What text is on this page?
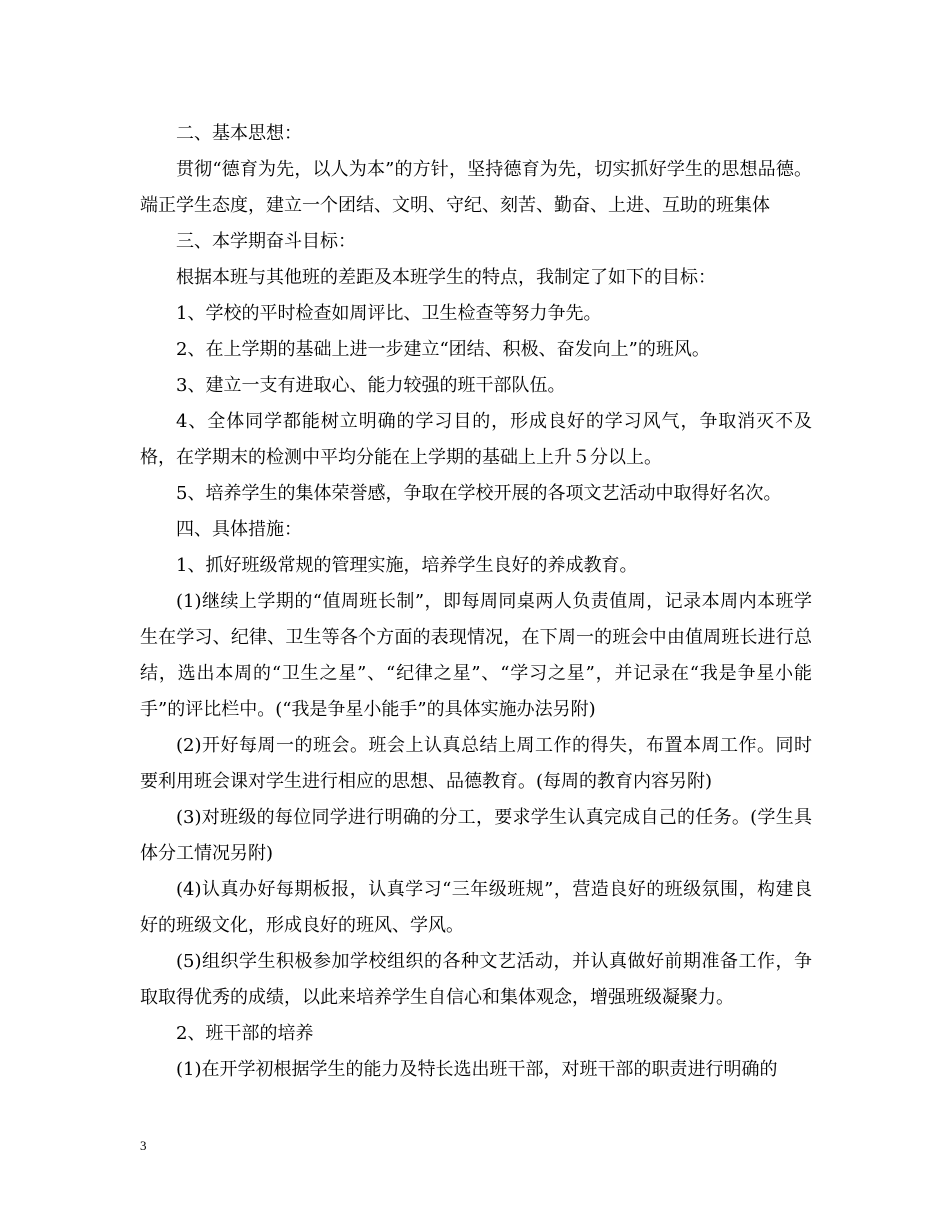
二、基本思想：

贯彻“德育为先，以人为本”的方针，坚持德育为先，切实抓好学生的思想品德。端正学生态度，建立一个团结、文明、守纪、刻苦、勤奋、上进、互助的班集体

三、本学期奋斗目标：

根据本班与其他班的差距及本班学生的特点，我制定了如下的目标：

1、学校的平时检查如周评比、卫生检查等努力争先。

2、在上学期的基础上进一步建立“团结、积极、奋发向上”的班风。

3、建立一支有进取心、能力较强的班干部队伍。

4、全体同学都能树立明确的学习目的，形成良好的学习风气，争取消灭不及格，在学期末的检测中平均分能在上学期的基础上上升５分以上。

5、培养学生的集体荣誉感，争取在学校开展的各项文艺活动中取得好名次。

四、具体措施：

1、抓好班级常规的管理实施，培养学生良好的养成教育。

(1)继续上学期的“值周班长制”，即每周同桌两人负责值周，记录本周内本班学生在学习、纪律、卫生等各个方面的表现情况，在下周一的班会中由值周班长进行总结，选出本周的“卫生之星”、“纪律之星”、“学习之星”，并记录在“我是争星小能手”的评比栏中。(“我是争星小能手”的具体实施办法另附)

(2)开好每周一的班会。班会上认真总结上周工作的得失，布置本周工作。同时要利用班会课对学生进行相应的思想、品德教育。(每周的教育内容另附)

(3)对班级的每位同学进行明确的分工，要求学生认真完成自己的任务。(学生具体分工情况另附)

(4)认真办好每期板报，认真学习“三年级班规”，营造良好的班级氛围，构建良好的班级文化，形成良好的班风、学风。

(5)组织学生积极参加学校组织的各种文艺活动，并认真做好前期准备工作，争取取得优秀的成绩，以此来培养学生自信心和集体观念，增强班级凝聚力。

2、班干部的培养

(1)在开学初根据学生的能力及特长选出班干部，对班干部的职责进行明确的

3
